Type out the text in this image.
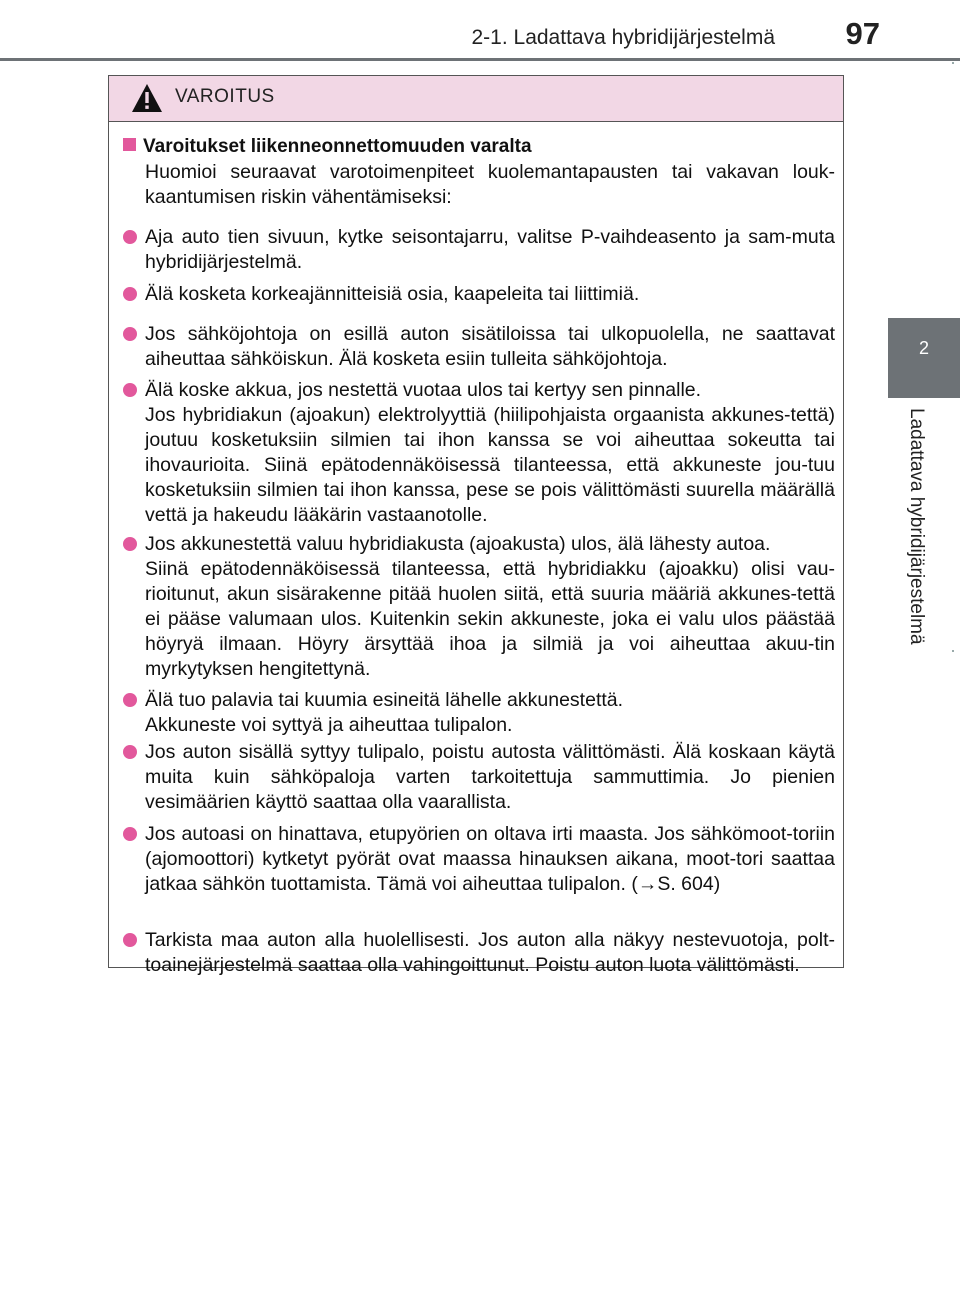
2-1. Ladattava hybridijärjestelmä 97
2
Ladattava hybridijärjestelmä
VAROITUS
Varoitukset liikenneonnettomuuden varalta
Huomioi seuraavat varotoimenpiteet kuolemantapausten tai vakavan louk-kaantumisen riskin vähentämiseksi:
Aja auto tien sivuun, kytke seisontajarru, valitse P-vaihdeasento ja sam-muta hybridijärjestelmä.
Älä kosketa korkeajännitteisiä osia, kaapeleita tai liittimiä.
Jos sähköjohtoja on esillä auton sisätiloissa tai ulkopuolella, ne saattavat aiheuttaa sähköiskun. Älä kosketa esiin tulleita sähköjohtoja.
Älä koske akkua, jos nestettä vuotaa ulos tai kertyy sen pinnalle.
Jos hybridiakun (ajoakun) elektrolyyttiä (hiilipohjaista orgaanista akkunes-tettä) joutuu kosketuksiin silmien tai ihon kanssa se voi aiheuttaa sokeutta tai ihovaurioita. Siinä epätodennäköisessä tilanteessa, että akkuneste jou-tuu kosketuksiin silmien tai ihon kanssa, pese se pois välittömästi suurella määrällä vettä ja hakeudu lääkärin vastaanotolle.
Jos akkunestettä valuu hybridiakusta (ajoakusta) ulos, älä lähesty autoa.
Siinä epätodennäköisessä tilanteessa, että hybridiakku (ajoakku) olisi vau-rioitunut, akun sisärakenne pitää huolen siitä, että suuria määriä akkunes-tettä ei pääse valumaan ulos. Kuitenkin sekin akkuneste, joka ei valu ulos päästää höyryä ilmaan. Höyry ärsyttää ihoa ja silmiä ja voi aiheuttaa akuu-tin myrkytyksen hengitettynä.
Älä tuo palavia tai kuumia esineitä lähelle akkunestettä.
Akkuneste voi syttyä ja aiheuttaa tulipalon.
Jos auton sisällä syttyy tulipalo, poistu autosta välittömästi. Älä koskaan käytä muita kuin sähköpaloja varten tarkoitettuja sammuttimia. Jo pienien vesimäärien käyttö saattaa olla vaarallista.
Jos autoasi on hinattava, etupyörien on oltava irti maasta. Jos sähkömoot-toriin (ajomoottori) kytketyt pyörät ovat maassa hinauksen aikana, moot-tori saattaa jatkaa sähkön tuottamista. Tämä voi aiheuttaa tulipalon. (→S. 604)
Tarkista maa auton alla huolellisesti. Jos auton alla näkyy nestevuotoja, polt-toainejärjestelmä saattaa olla vahingoittunut. Poistu auton luota välittömästi.
